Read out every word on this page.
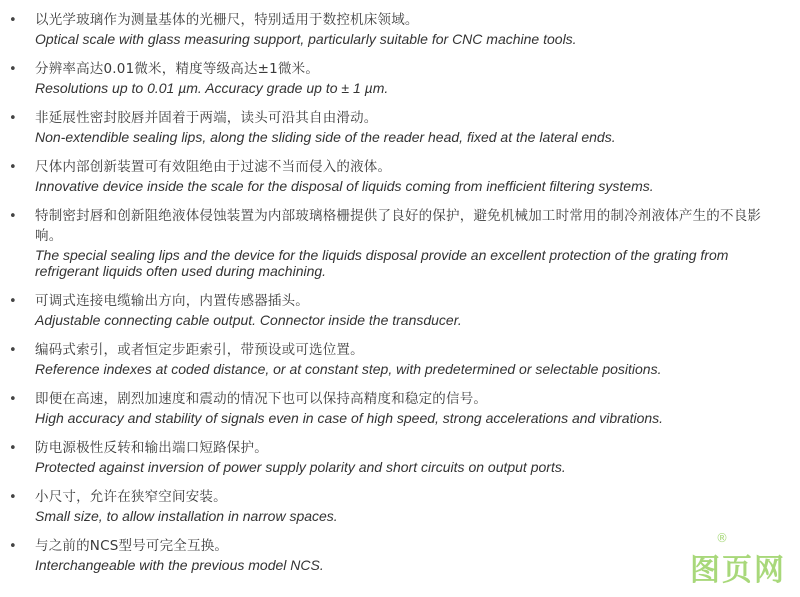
• 以光学玻璃作为测量基体的光栅尺，特别适用于数控机床领域。
Optical scale with glass measuring support, particularly suitable for CNC machine tools.
• 分辨率高达0.01微米，精度等级高达±1微米。
Resolutions up to 0.01 µm. Accuracy grade up to ± 1 µm.
• 非延展性密封胶唇并固着于两端，读头可沿其自由滑动。
Non-extendible sealing lips, along the sliding side of the reader head, fixed at the lateral ends.
• 尺体内部创新装置可有效阻绝由于过滤不当而侵入的液体。
Innovative device inside the scale for the disposal of liquids coming from inefficient filtering systems.
• 特制密封唇和创新阻绝液体侵蚀装置为内部玻璃格栅提供了良好的保护，避免机械加工时常用的制冷剂液体产生的不良影响。
The special sealing lips and the device for the liquids disposal provide an excellent protection of the grating from refrigerant liquids often used during machining.
• 可调式连接电缆输出方向，内置传感器插头。
Adjustable connecting cable output. Connector inside the transducer.
• 编码式索引，或者恒定步距索引，带预设或可选位置。
Reference indexes at coded distance, or at constant step, with predetermined or selectable positions.
• 即便在高速，剧烈加速度和震动的情况下也可以保持高精度和稳定的信号。
High accuracy and stability of signals even in case of high speed, strong accelerations and vibrations.
• 防电源极性反转和输出端口短路保护。
Protected against inversion of power supply polarity and short circuits on output ports.
• 小尺寸，允许在狭窄空间安装。
Small size, to allow installation in narrow spaces.
• 与之前的NCS型号可完全互换。
Interchangeable with the previous model NCS.
®
图页网
